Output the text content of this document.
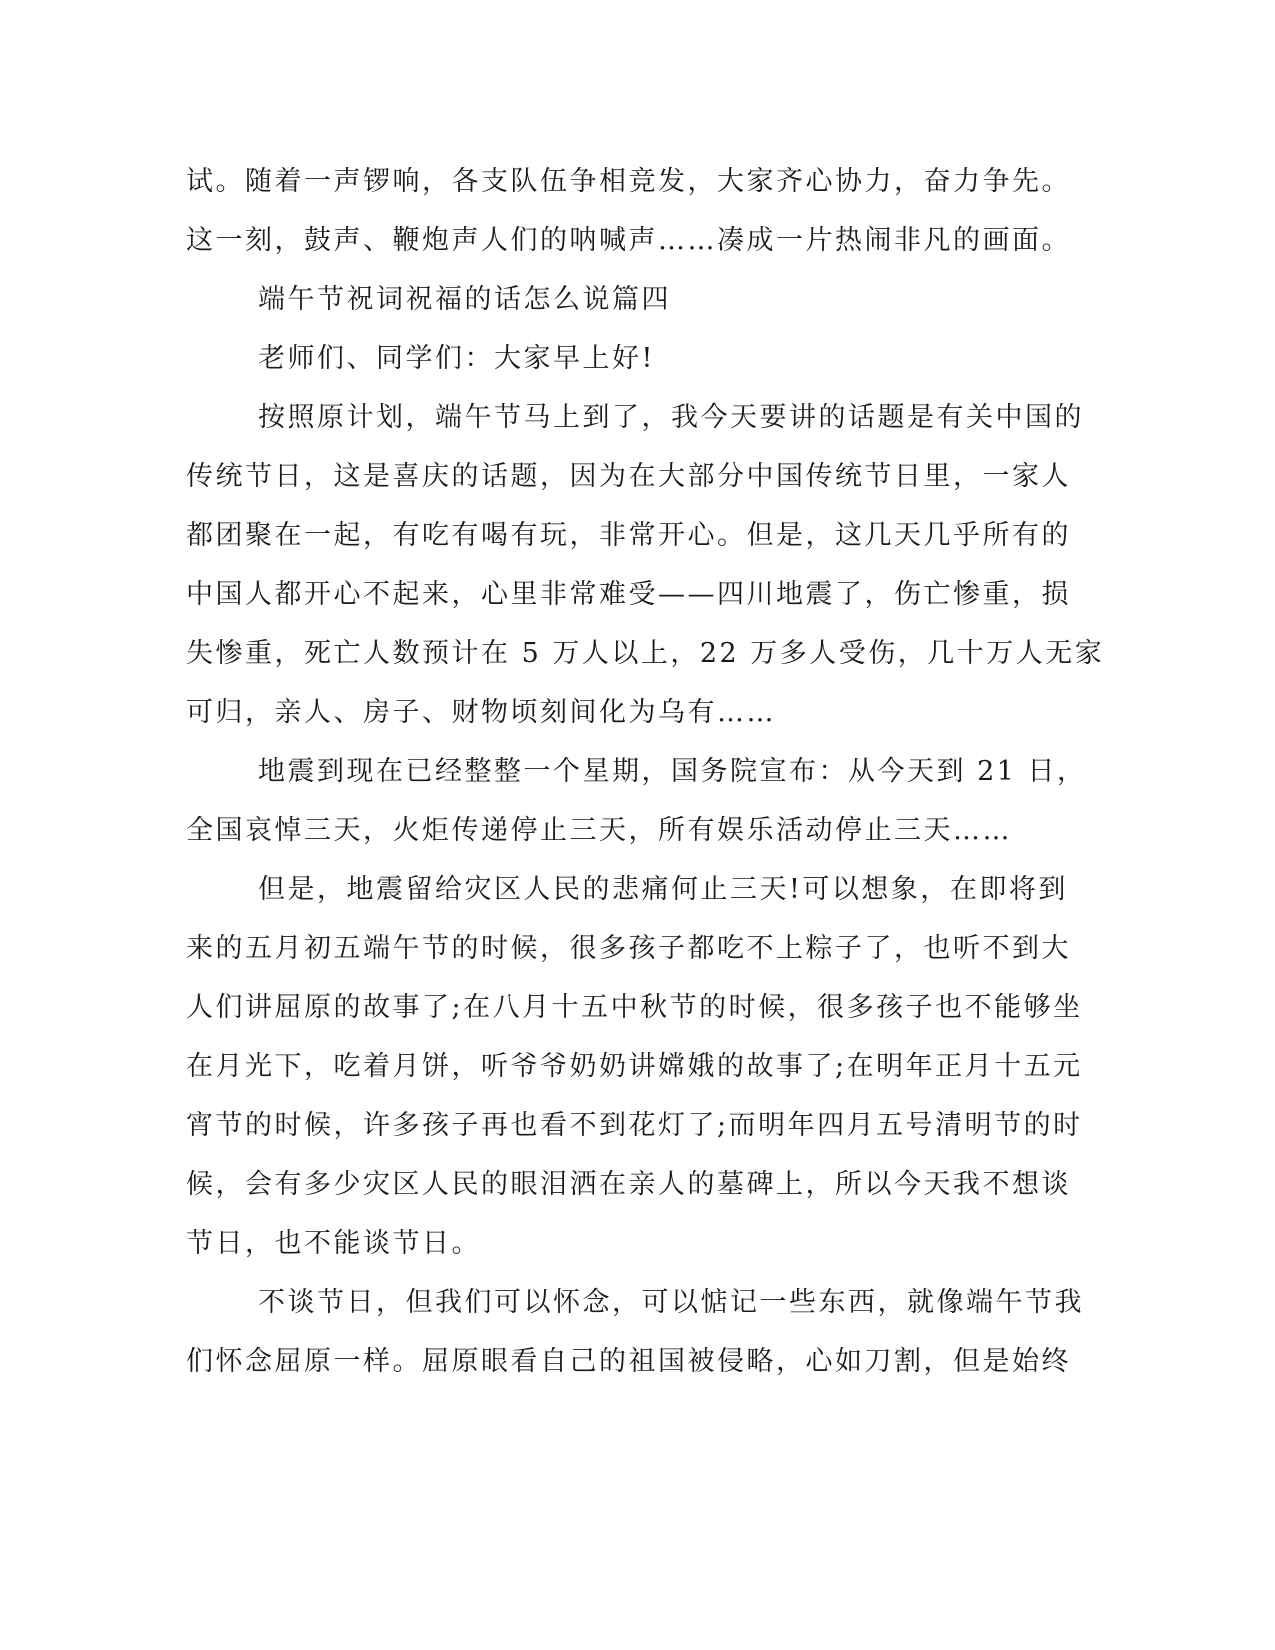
试。随着一声锣响，各支队伍争相竞发，大家齐心协力，奋力争先。
这一刻，鼓声、鞭炮声人们的呐喊声……凑成一片热闹非凡的画面。
端午节祝词祝福的话怎么说篇四
老师们、同学们：大家早上好!
按照原计划，端午节马上到了，我今天要讲的话题是有关中国的
传统节日，这是喜庆的话题，因为在大部分中国传统节日里，一家人
都团聚在一起，有吃有喝有玩，非常开心。但是，这几天几乎所有的
中国人都开心不起来，心里非常难受——四川地震了，伤亡惨重，损
失惨重，死亡人数预计在 5 万人以上，22 万多人受伤，几十万人无家
可归，亲人、房子、财物顷刻间化为乌有……
地震到现在已经整整一个星期，国务院宣布：从今天到 21 日，
全国哀悼三天，火炬传递停止三天，所有娱乐活动停止三天……
但是，地震留给灾区人民的悲痛何止三天!可以想象，在即将到
来的五月初五端午节的时候，很多孩子都吃不上粽子了，也听不到大
人们讲屈原的故事了;在八月十五中秋节的时候，很多孩子也不能够坐
在月光下，吃着月饼，听爷爷奶奶讲嫦娥的故事了;在明年正月十五元
宵节的时候，许多孩子再也看不到花灯了;而明年四月五号清明节的时
候，会有多少灾区人民的眼泪洒在亲人的墓碑上，所以今天我不想谈
节日，也不能谈节日。
不谈节日，但我们可以怀念，可以惦记一些东西，就像端午节我
们怀念屈原一样。屈原眼看自己的祖国被侵略，心如刀割，但是始终
